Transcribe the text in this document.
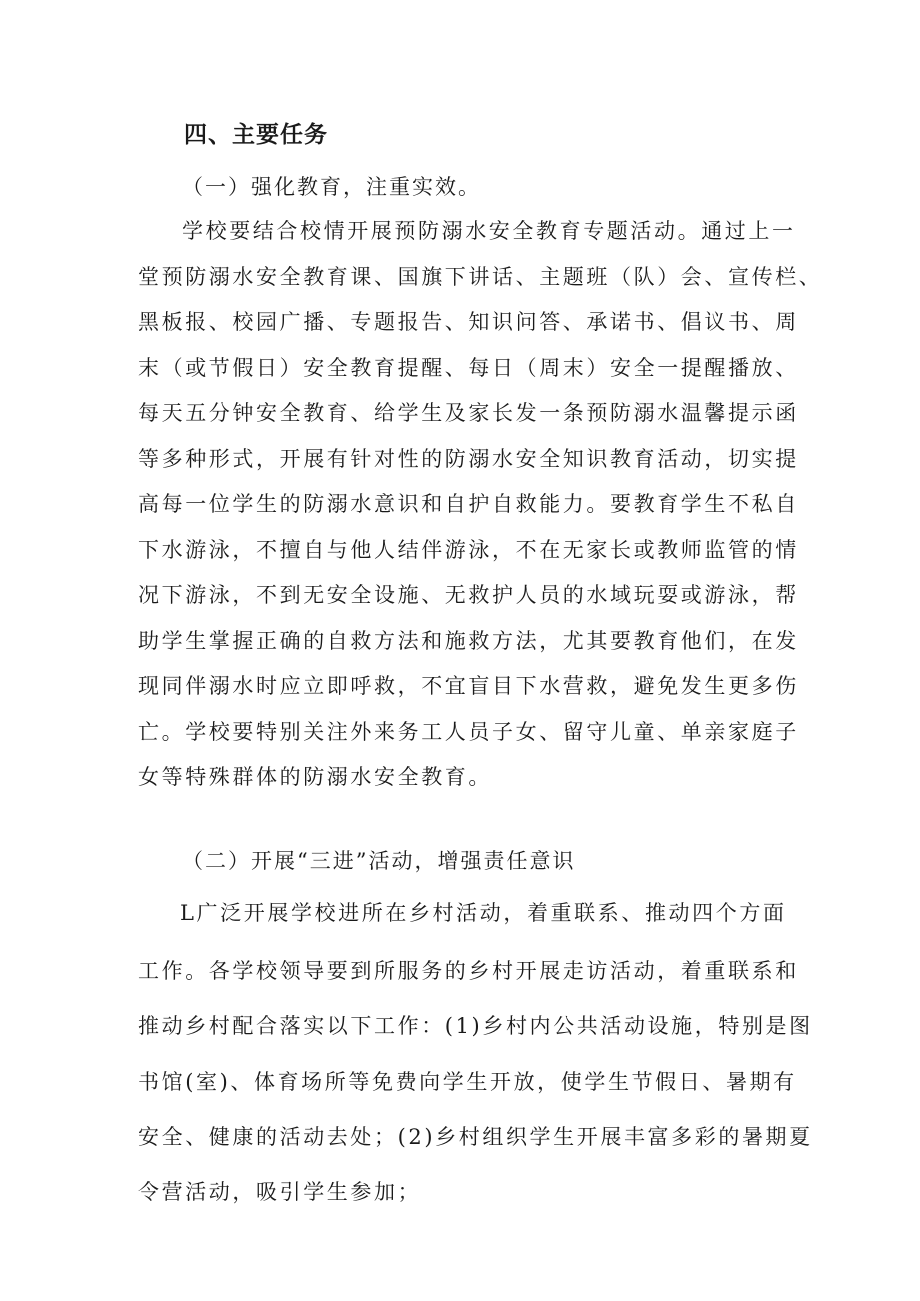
四、主要任务
（一）强化教育，注重实效。
学校要结合校情开展预防溺水安全教育专题活动。通过上一
堂预防溺水安全教育课、国旗下讲话、主题班（队）会、宣传栏、
黑板报、校园广播、专题报告、知识问答、承诺书、倡议书、周
末（或节假日）安全教育提醒、每日（周末）安全一提醒播放、
每天五分钟安全教育、给学生及家长发一条预防溺水温馨提示函
等多种形式，开展有针对性的防溺水安全知识教育活动，切实提
高每一位学生的防溺水意识和自护自救能力。要教育学生不私自
下水游泳，不擅自与他人结伴游泳，不在无家长或教师监管的情
况下游泳，不到无安全设施、无救护人员的水域玩耍或游泳，帮
助学生掌握正确的自救方法和施救方法，尤其要教育他们，在发
现同伴溺水时应立即呼救，不宜盲目下水营救，避免发生更多伤
亡。学校要特别关注外来务工人员子女、留守儿童、单亲家庭子
女等特殊群体的防溺水安全教育。
（二）开展“三进”活动，增强责任意识
L广泛开展学校进所在乡村活动，着重联系、推动四个方面
工作。各学校领导要到所服务的乡村开展走访活动，着重联系和
推动乡村配合落实以下工作：(1)乡村内公共活动设施，特别是图
书馆(室)、体育场所等免费向学生开放，使学生节假日、暑期有
安全、健康的活动去处；(2)乡村组织学生开展丰富多彩的暑期夏
令营活动，吸引学生参加；
